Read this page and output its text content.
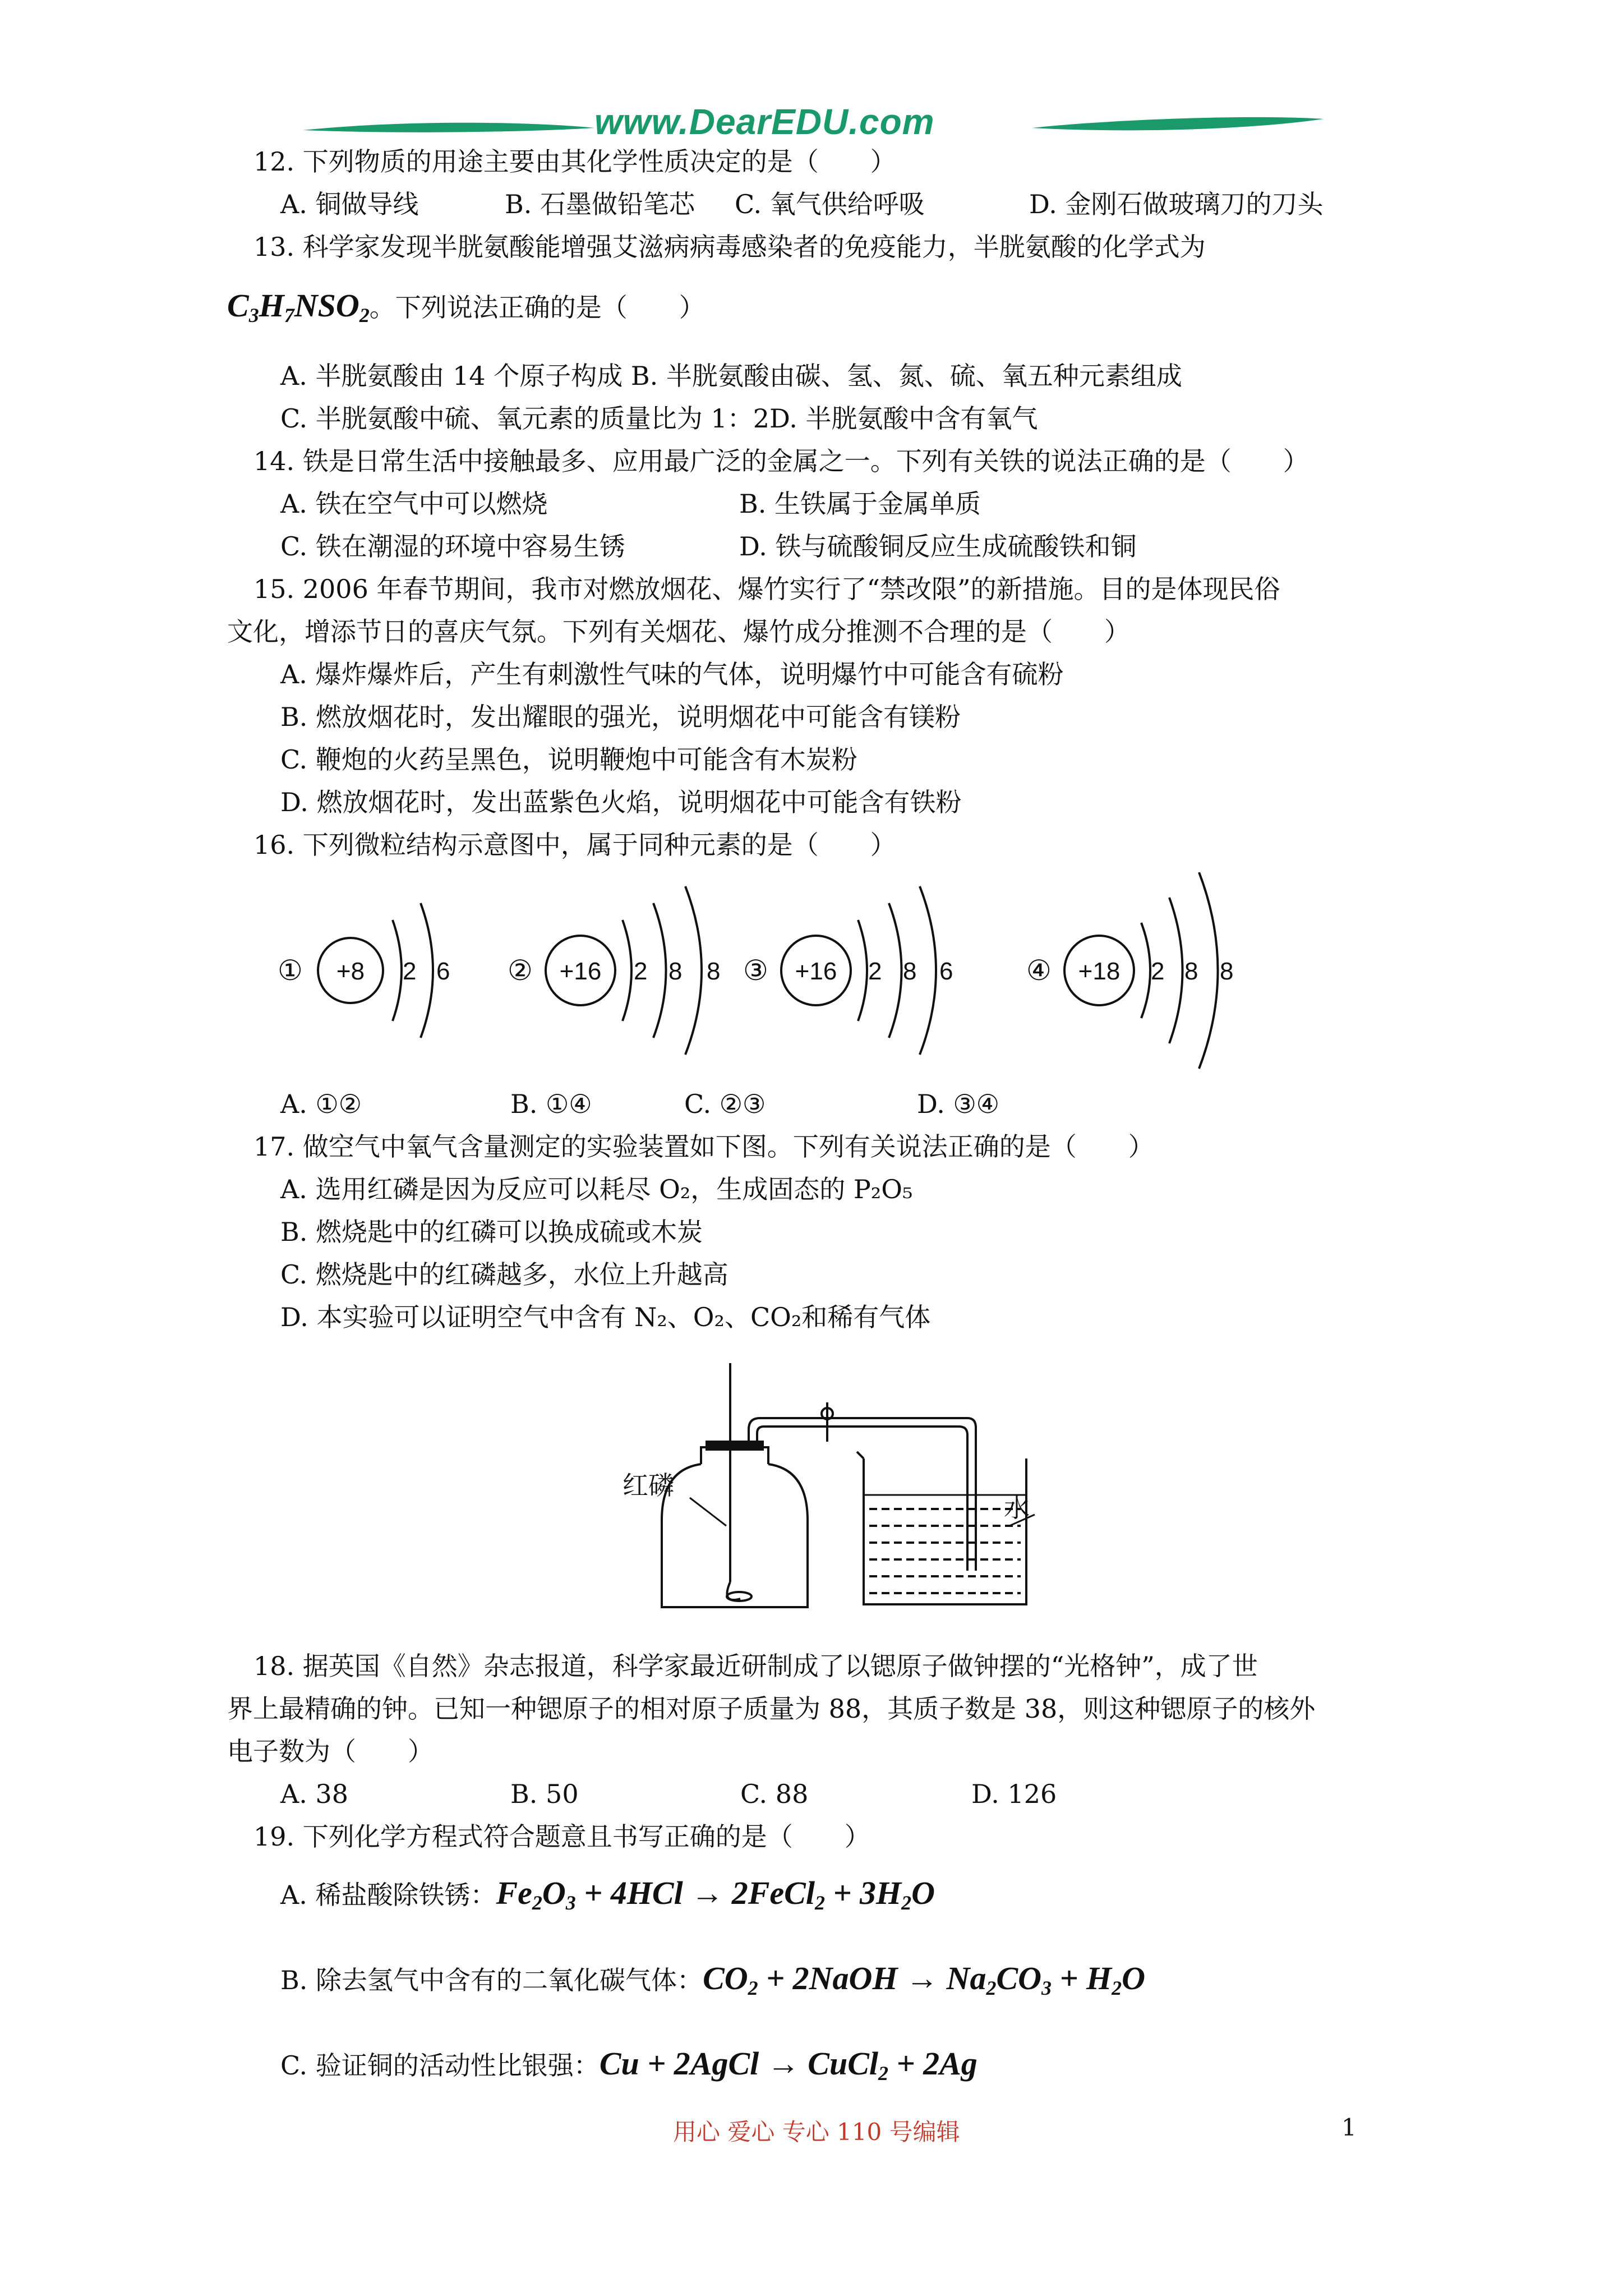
www.DearEDU.com
12. 下列物质的用途主要由其化学性质决定的是（　　）
A. 铜做导线	B. 石墨做铅笔芯 C. 氧气供给呼吸	D. 金刚石做玻璃刀的刀头
13. 科学家发现半胱氨酸能增强艾滋病病毒感染者的免疫能力，半胱氨酸的化学式为
$C_3H_7NSO_2$。下列说法正确的是（　　）
A. 半胱氨酸由 14 个原子构成 B. 半胱氨酸由碳、氢、氮、硫、氧五种元素组成
C. 半胱氨酸中硫、氧元素的质量比为 1：2D. 半胱氨酸中含有氧气
14. 铁是日常生活中接触最多、应用最广泛的金属之一。下列有关铁的说法正确的是（　　）
A. 铁在空气中可以燃烧	B. 生铁属于金属单质
C. 铁在潮湿的环境中容易生锈	D. 铁与硫酸铜反应生成硫酸铁和铜
15. 2006 年春节期间，我市对燃放烟花、爆竹实行了“禁改限”的新措施。目的是体现民俗
文化，增添节日的喜庆气氛。下列有关烟花、爆竹成分推测不合理的是（　　）
A. 爆炸爆炸后，产生有刺激性气味的气体，说明爆竹中可能含有硫粉
B. 燃放烟花时，发出耀眼的强光，说明烟花中可能含有镁粉
C. 鞭炮的火药呈黑色，说明鞭炮中可能含有木炭粉
D. 燃放烟花时，发出蓝紫色火焰，说明烟花中可能含有铁粉
16. 下列微粒结构示意图中，属于同种元素的是（　　）
① +8 2 6 ② +16 2 8 8 ③ +16 2 8 6	④ +18 2 8 8
A. ①②	B. ①④	C. ②③	D. ③④
17. 做空气中氧气含量测定的实验装置如下图。下列有关说法正确的是（　　）
A. 选用红磷是因为反应可以耗尽 O₂，生成固态的 P₂O₅
B. 燃烧匙中的红磷可以换成硫或木炭
C. 燃烧匙中的红磷越多，水位上升越高
D. 本实验可以证明空气中含有 N₂、O₂、CO₂和稀有气体
红磷
水
18. 据英国《自然》杂志报道，科学家最近研制成了以锶原子做钟摆的“光格钟”，成了世
界上最精确的钟。已知一种锶原子的相对原子质量为 88，其质子数是 38，则这种锶原子的核外
电子数为（　　）
A. 38	B. 50	C. 88	D. 126
19. 下列化学方程式符合题意且书写正确的是（　　）
A. 稀盐酸除铁锈：$Fe_2O_3 + 4HCl$ → 2FeCl$_2$ + $3H_2O$
B. 除去氢气中含有的二氧化碳气体：$CO_2$ + 2NaOH → $Na_2CO_3 + H_2O$
C. 验证铜的活动性比银强：Cu + 2AgCl → CuCl$_2$ + 2Ag
用心 爱心 专心 110 号编辑	1
